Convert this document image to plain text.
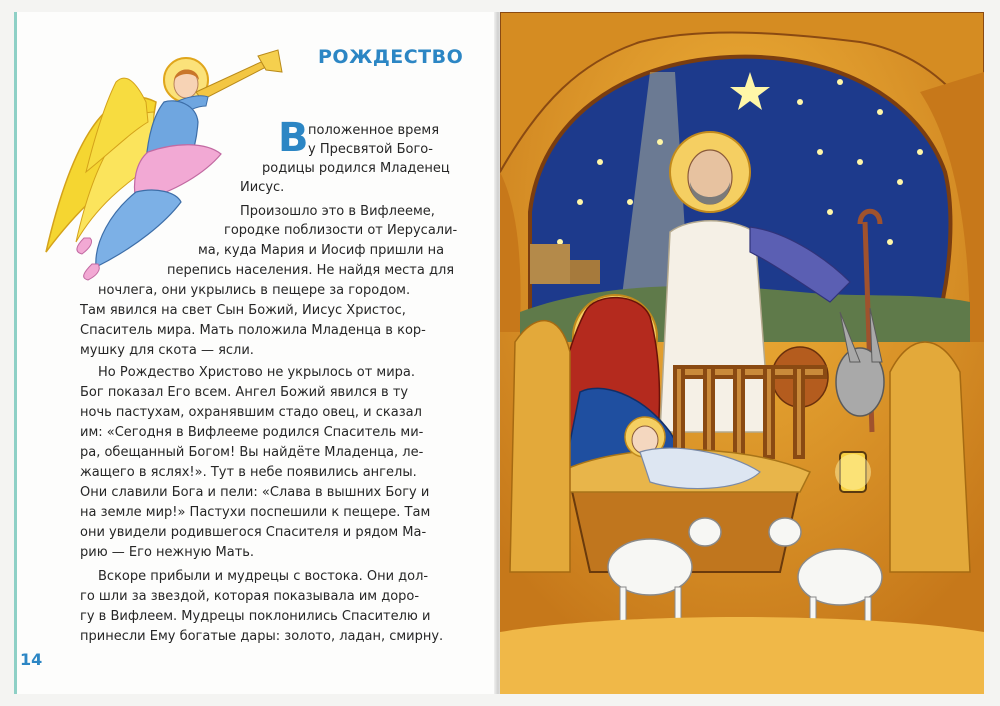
РОЖДЕСТВО
В положенное время
у Пресвятой Бого-
родицы родился Младенец
Иисус.
Произошло это в Вифлееме,
городке поблизости от Иерусали-
ма, куда Мария и Иосиф пришли на
перепись населения. Не найдя места для
ночлега, они укрылись в пещере за городом.
Там явился на свет Сын Божий, Иисус Христос,
Спаситель мира. Мать положила Младенца в кор-
мушку для скота — ясли.
Но Рождество Христово не укрылось от мира.
Бог показал Его всем. Ангел Божий явился в ту
ночь пастухам, охранявшим стадо овец, и сказал
им: «Сегодня в Вифлееме родился Спаситель ми-
ра, обещанный Богом! Вы найдёте Младенца, ле-
жащего в яслях!». Тут в небе появились ангелы.
Они славили Бога и пели: «Слава в вышних Богу и
на земле мир!» Пастухи поспешили к пещере. Там
они увидели родившегося Спасителя и рядом Ма-
рию — Его нежную Мать.
Вскоре прибыли и мудрецы с востока. Они дол-
го шли за звездой, которая показывала им доро-
гу в Вифлеем. Мудрецы поклонились Спасителю и
принесли Ему богатые дары: золото, ладан, смирну.
14
